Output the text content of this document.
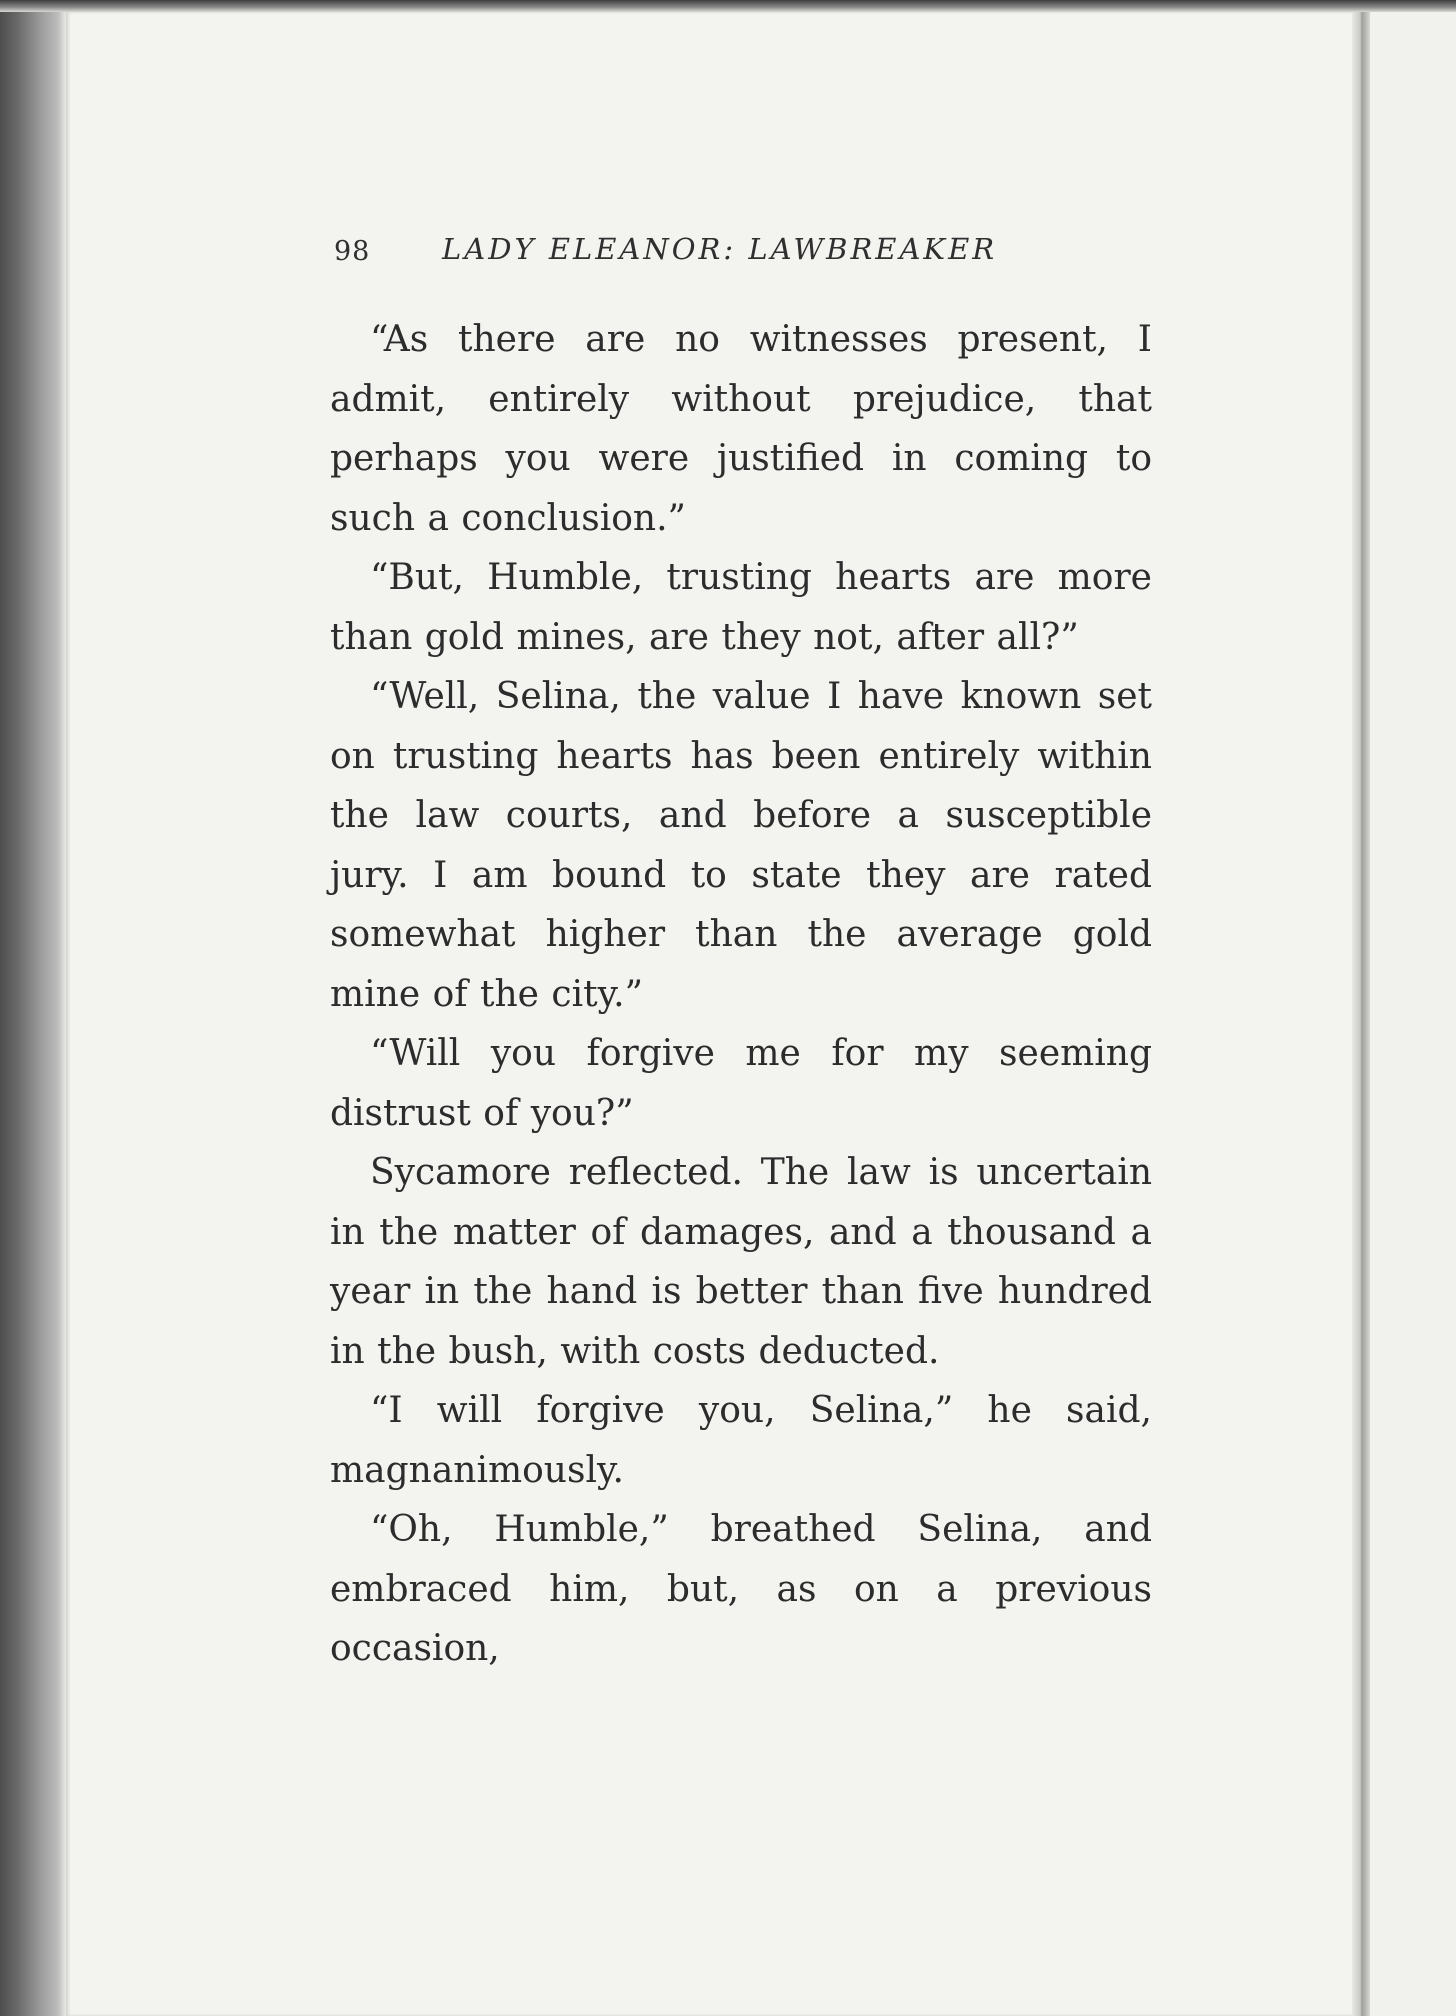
98 LADY ELEANOR: LAWBREAKER

“As there are no witnesses present, I admit, entirely without prejudice, that perhaps you were justified in coming to such a conclusion.”

“But, Humble, trusting hearts are more than gold mines, are they not, after all?”

“Well, Selina, the value I have known set on trusting hearts has been entirely within the law courts, and before a susceptible jury. I am bound to state they are rated somewhat higher than the average gold mine of the city.”

“Will you forgive me for my seeming distrust of you?”

Sycamore reflected. The law is uncertain in the matter of damages, and a thousand a year in the hand is better than five hundred in the bush, with costs deducted.

“I will forgive you, Selina,” he said, magnanimously.

“Oh, Humble,” breathed Selina, and embraced him, but, as on a previous occasion,
